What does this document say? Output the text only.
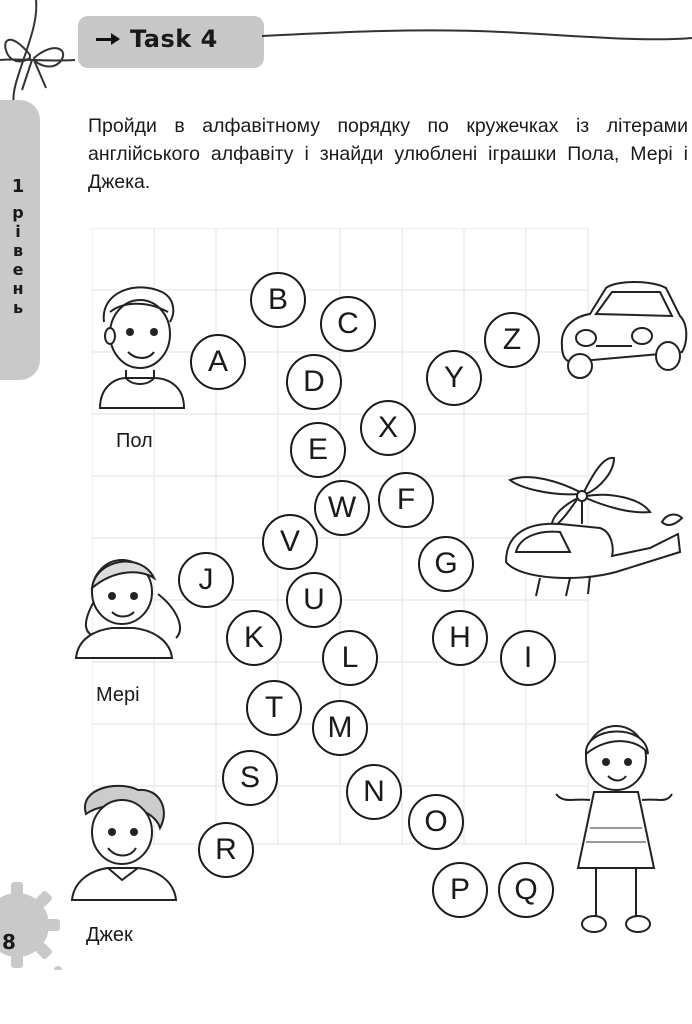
Task 4
1
р
і
в
е
н
ь
Пройди в алфавітному порядку по кружечках із літерами англійського алфавіту і знайди улюблені іграшки Пола, Мері і Джека.
A
B
C
D
E
F
G
H
I
J
K
L
M
N
O
P	Q
R
S
T
U
V
W
X
Y
Z
Пол
Мері
Джек
8
